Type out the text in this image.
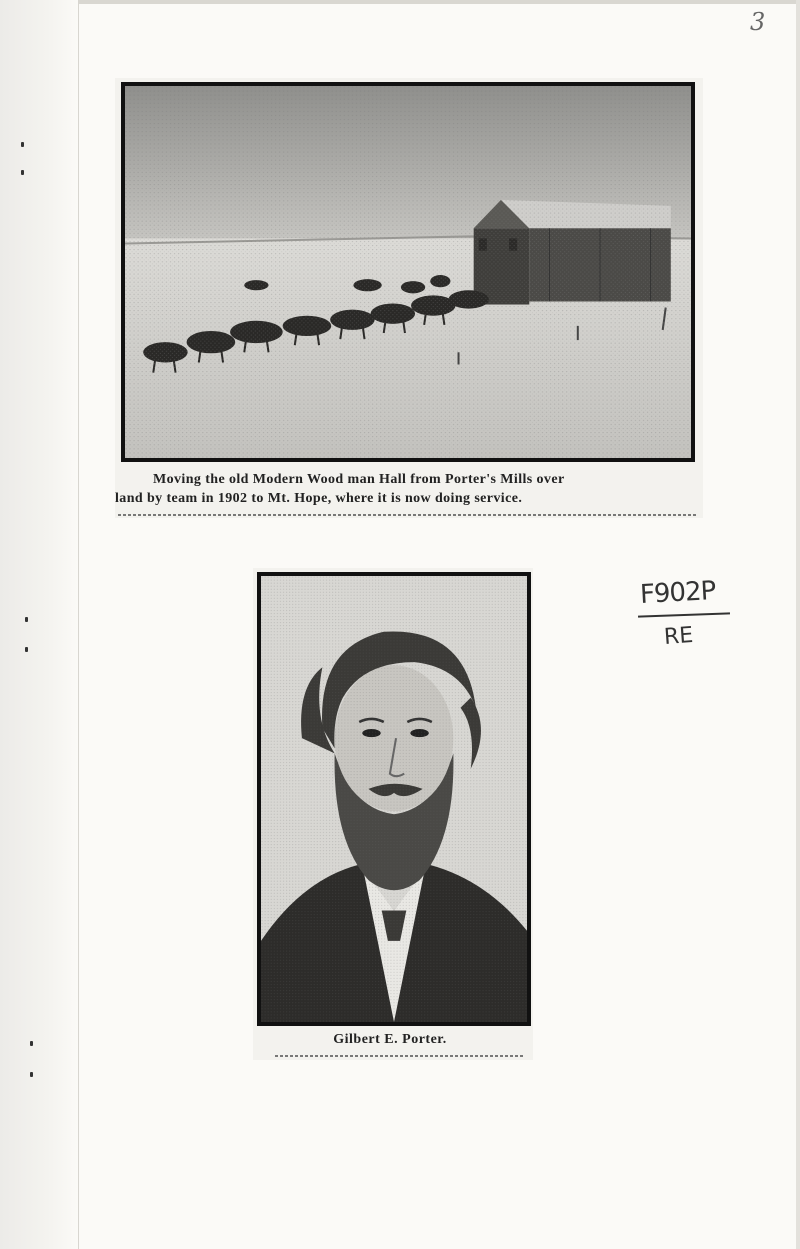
3
Moving the old Modern Wood man Hall from Porter's Mills over
land by team in 1902 to Mt. Hope, where it is now doing service.
Gilbert E. Porter.
F902P
RE
